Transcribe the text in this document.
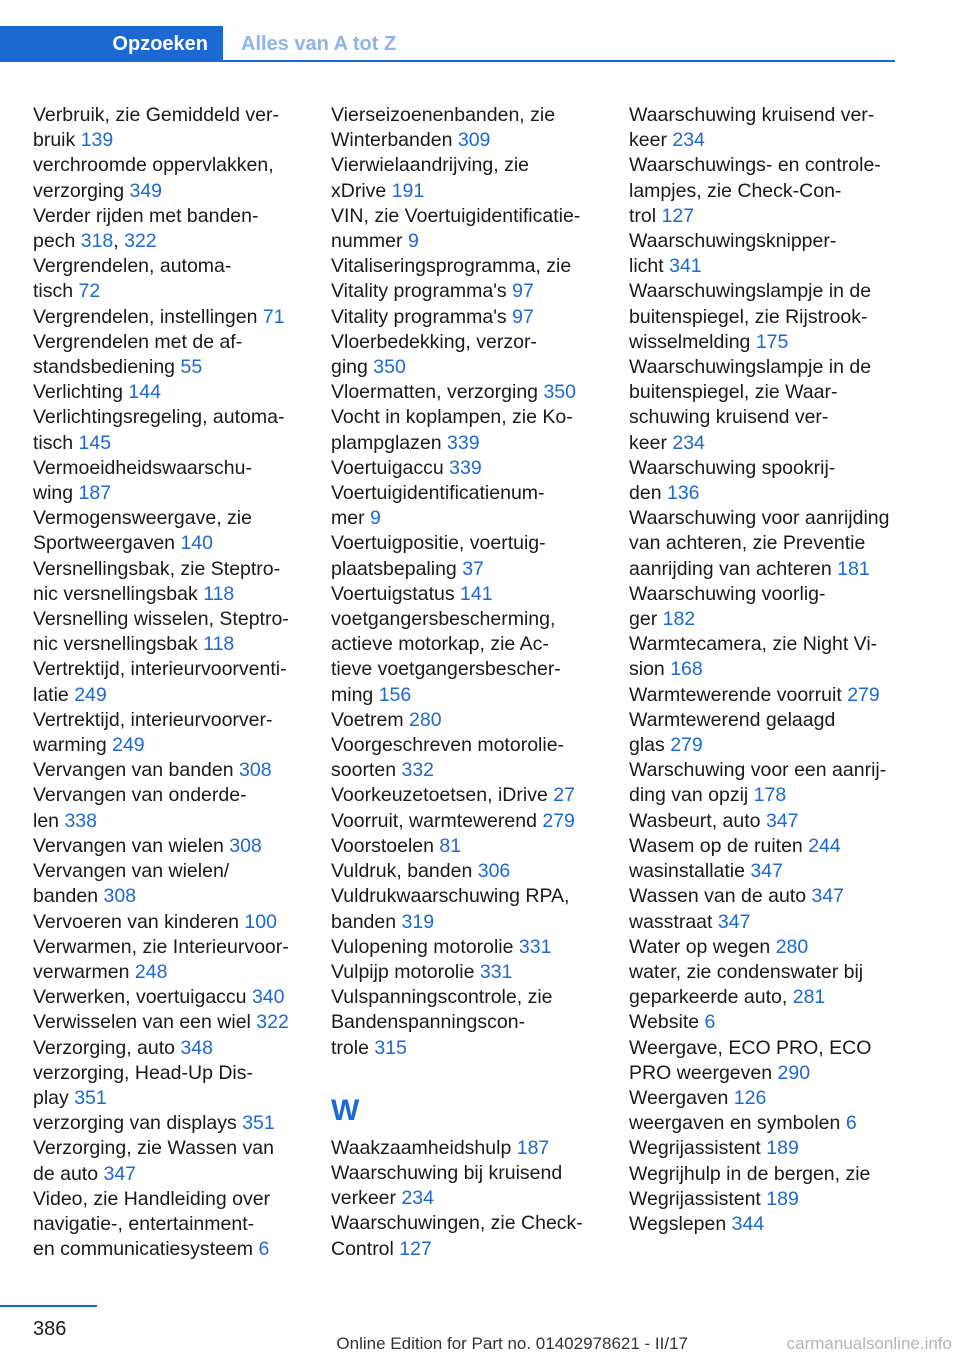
Opzoeken	Alles van A tot Z
Verbruik, zie Gemiddeld ver-
bruik 139
verchroomde oppervlakken,
verzorging 349
Verder rijden met banden-
pech 318, 322
Vergrendelen, automa-
tisch 72
Vergrendelen, instellingen 71
Vergrendelen met de af-
standsbediening 55
Verlichting 144
Verlichtingsregeling, automa-
tisch 145
Vermoeidheidswaarschu-
wing 187
Vermogensweergave, zie
Sportweergaven 140
Versnellingsbak, zie Steptro-
nic versnellingsbak 118
Versnelling wisselen, Steptro-
nic versnellingsbak 118
Vertrektijd, interieurvoorventi-
latie 249
Vertrektijd, interieurvoorver-
warming 249
Vervangen van banden 308
Vervangen van onderde-
len 338
Vervangen van wielen 308
Vervangen van wielen/
banden 308
Vervoeren van kinderen 100
Verwarmen, zie Interieurvoor-
verwarmen 248
Verwerken, voertuigaccu 340
Verwisselen van een wiel 322
Verzorging, auto 348
verzorging, Head-Up Dis-
play 351
verzorging van displays 351
Verzorging, zie Wassen van
de auto 347
Video, zie Handleiding over
navigatie-, entertainment-
en communicatiesysteem 6
Vierseizoenenbanden, zie
Winterbanden 309
Vierwielaandrijving, zie
xDrive 191
VIN, zie Voertuigidentificatie-
nummer 9
Vitaliseringsprogramma, zie
Vitality programma's 97
Vitality programma's 97
Vloerbedekking, verzor-
ging 350
Vloermatten, verzorging 350
Vocht in koplampen, zie Ko-
plampglazen 339
Voertuigaccu 339
Voertuigidentificatienum-
mer 9
Voertuigpositie, voertuig-
plaatsbepaling 37
Voertuigstatus 141
voetgangersbescherming,
actieve motorkap, zie Ac-
tieve voetgangersbescher-
ming 156
Voetrem 280
Voorgeschreven motorolie-
soorten 332
Voorkeuzetoetsen, iDrive 27
Voorruit, warmtewerend 279
Voorstoelen 81
Vuldruk, banden 306
Vuldrukwaarschuwing RPA,
banden 319
Vulopening motorolie 331
Vulpijp motorolie 331
Vulspanningscontrole, zie
Bandenspanningscon-
trole 315
W
Waakzaamheidshulp 187
Waarschuwing bij kruisend
verkeer 234
Waarschuwingen, zie Check-
Control 127
Waarschuwing kruisend ver-
keer 234
Waarschuwings- en controle-
lampjes, zie Check-Con-
trol 127
Waarschuwingsknipper-
licht 341
Waarschuwingslampje in de
buitenspiegel, zie Rijstrook-
wisselmelding 175
Waarschuwingslampje in de
buitenspiegel, zie Waar-
schuwing kruisend ver-
keer 234
Waarschuwing spookrij-
den 136
Waarschuwing voor aanrijding
van achteren, zie Preventie
aanrijding van achteren 181
Waarschuwing voorlig-
ger 182
Warmtecamera, zie Night Vi-
sion 168
Warmtewerende voorruit 279
Warmtewerend gelaagd
glas 279
Warschuwing voor een aanrij-
ding van opzij 178
Wasbeurt, auto 347
Wasem op de ruiten 244
wasinstallatie 347
Wassen van de auto 347
wasstraat 347
Water op wegen 280
water, zie condenswater bij
geparkeerde auto, 281
Website 6
Weergave, ECO PRO, ECO
PRO weergeven 290
Weergaven 126
weergaven en symbolen 6
Wegrijassistent 189
Wegrijhulp in de bergen, zie
Wegrijassistent 189
Wegslepen 344
386
Online Edition for Part no. 01402978621 - II/17	carmanualsonline.info
